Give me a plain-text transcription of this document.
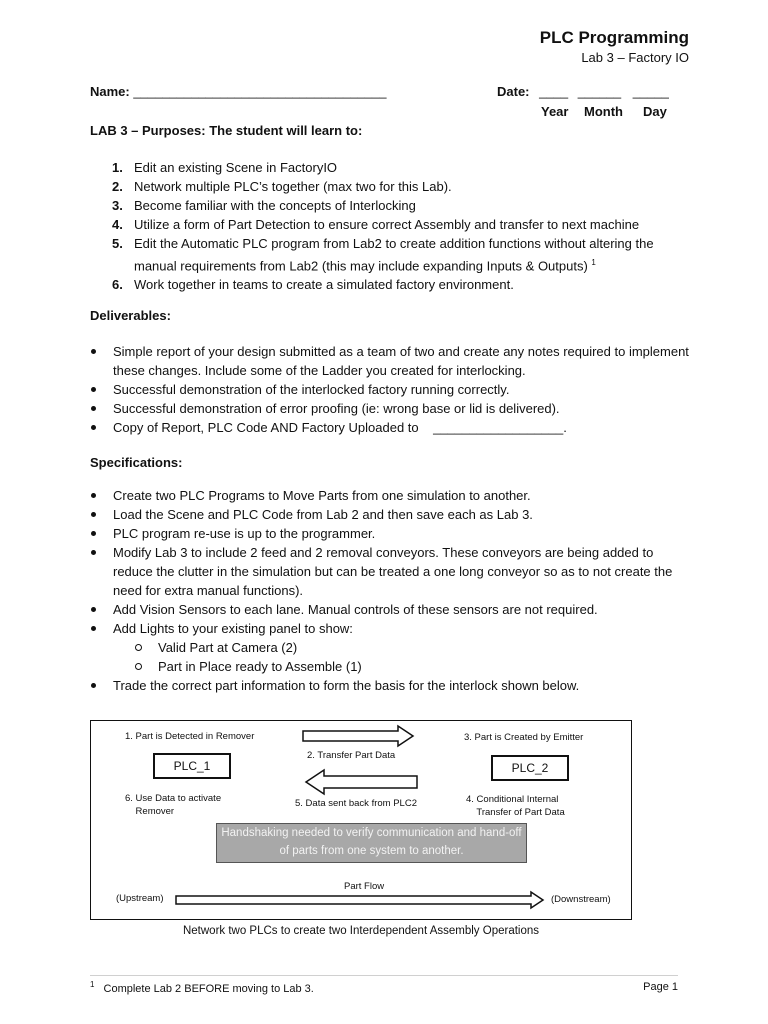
PLC Programming
Lab 3 – Factory IO
Name: ___________________________________	Date: ____ ______ _____
Year Month Day
LAB 3 – Purposes: The student will learn to:
1. Edit an existing Scene in FactoryIO
2. Network multiple PLC’s together (max two for this Lab).
3. Become familiar with the concepts of Interlocking
4. Utilize a form of Part Detection to ensure correct Assembly and transfer to next machine
5. Edit the Automatic PLC program from Lab2 to create addition functions without altering the manual requirements from Lab2 (this may include expanding Inputs & Outputs) $^1$
6. Work together in teams to create a simulated factory environment.
Deliverables:
Simple report of your design submitted as a team of two and create any notes required to implement these changes. Include some of the Ladder you created for interlocking.
Successful demonstration of the interlocked factory running correctly.
Successful demonstration of error proofing (ie: wrong base or lid is delivered).
Copy of Report, PLC Code AND Factory Uploaded to    __________________.
Specifications:
Create two PLC Programs to Move Parts from one simulation to another.
Load the Scene and PLC Code from Lab 2 and then save each as Lab 3.
PLC program re-use is up to the programmer.
Modify Lab 3 to include 2 feed and 2 removal conveyors. These conveyors are being added to reduce the clutter in the simulation but can be treated a one long conveyor so as to not create the need for extra manual functions).
Add Vision Sensors to each lane. Manual controls of these sensors are not required.
Add Lights to your existing panel to show:
Valid Part at Camera (2)
Part in Place ready to Assemble (1)
Trade the correct part information to form the basis for the interlock shown below.
1. Part is Detected in Remover
2. Transfer Part Data
3. Part is Created by Emitter
PLC_1	PLC_2
6. Use Data to activate
Remover
5. Data sent back from PLC2	4. Conditional Internal
Transfer of Part Data
Handshaking needed to verify communication and hand-off of parts from one system to another.
Part Flow
(Upstream)	(Downstream)
Network two PLCs to create two Interdependent Assembly Operations
$^1$ Complete Lab 2 BEFORE moving to Lab 3.	Page 1
